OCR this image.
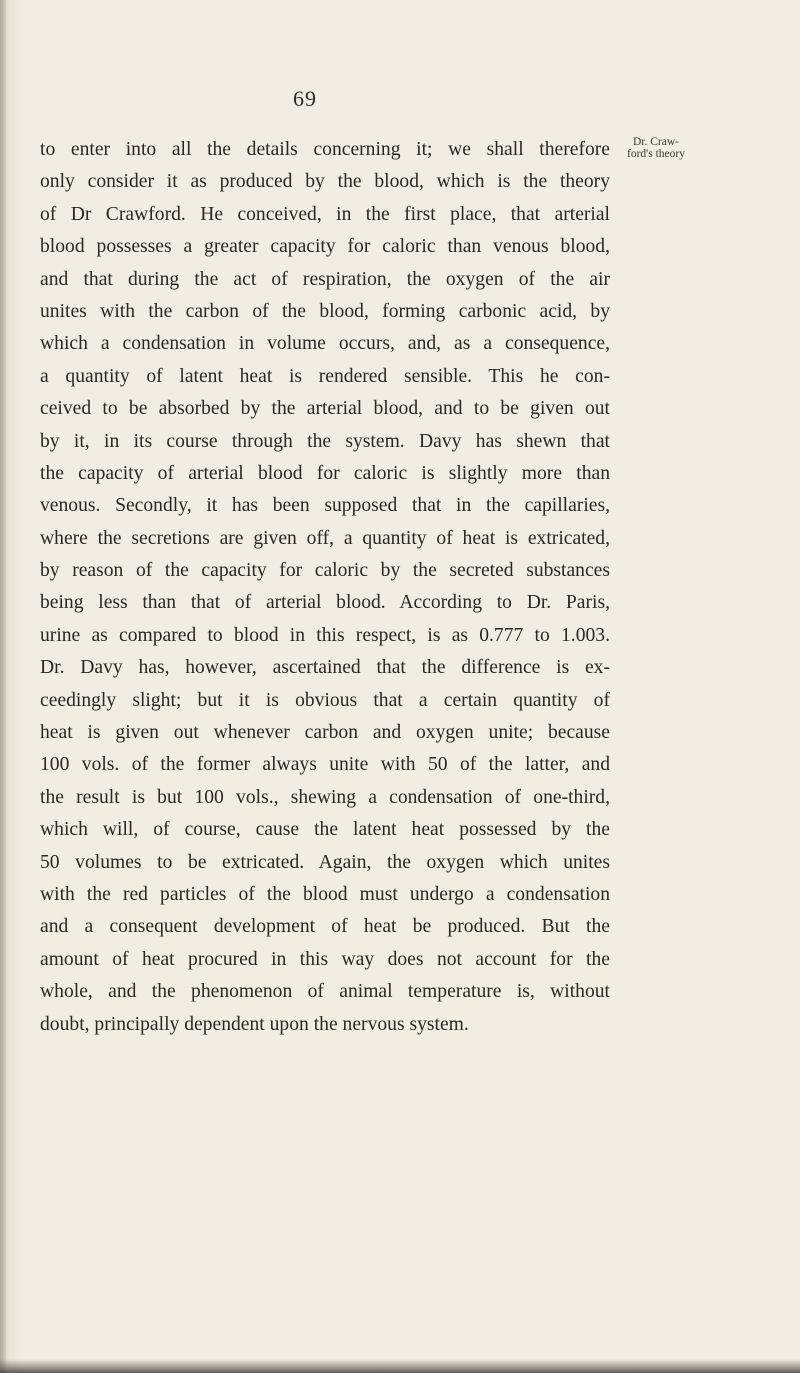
69
Dr. Craw-
ford's theory
to enter into all the details concerning it; we shall therefore
only consider it as produced by the blood, which is the theory
of Dr Crawford. He conceived, in the first place, that arterial
blood possesses a greater capacity for caloric than venous blood,
and that during the act of respiration, the oxygen of the air
unites with the carbon of the blood, forming carbonic acid, by
which a condensation in volume occurs, and, as a consequence,
a quantity of latent heat is rendered sensible. This he con-
ceived to be absorbed by the arterial blood, and to be given out
by it, in its course through the system. Davy has shewn that
the capacity of arterial blood for caloric is slightly more than
venous. Secondly, it has been supposed that in the capillaries,
where the secretions are given off, a quantity of heat is extricated,
by reason of the capacity for caloric by the secreted substances
being less than that of arterial blood. According to Dr. Paris,
urine as compared to blood in this respect, is as 0.777 to 1.003.
Dr. Davy has, however, ascertained that the difference is ex-
ceedingly slight; but it is obvious that a certain quantity of
heat is given out whenever carbon and oxygen unite; because
100 vols. of the former always unite with 50 of the latter, and
the result is but 100 vols., shewing a condensation of one-third,
which will, of course, cause the latent heat possessed by the
50 volumes to be extricated. Again, the oxygen which unites
with the red particles of the blood must undergo a condensation
and a consequent development of heat be produced. But the
amount of heat procured in this way does not account for the
whole, and the phenomenon of animal temperature is, without
doubt, principally dependent upon the nervous system.
